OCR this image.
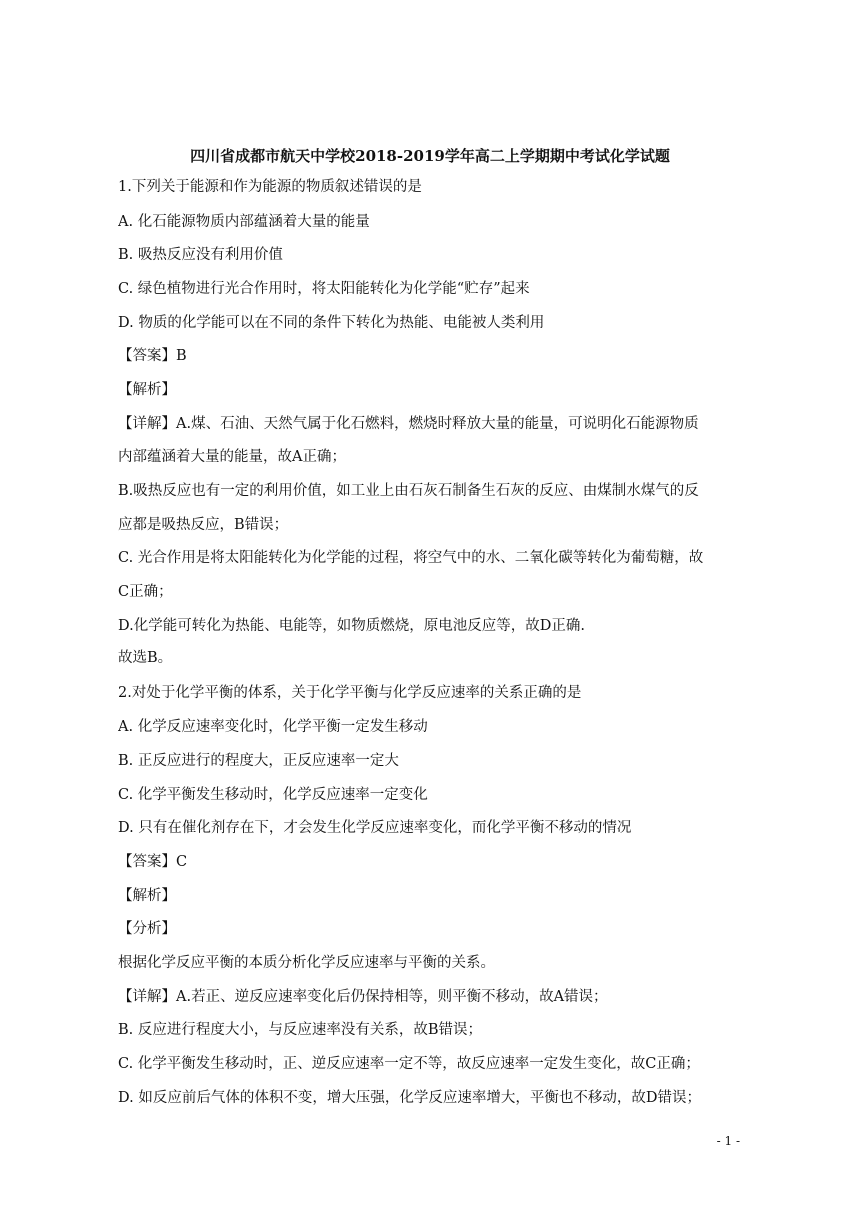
四川省成都市航天中学校2018-2019学年高二上学期期中考试化学试题
1.下列关于能源和作为能源的物质叙述错误的是
A. 化石能源物质内部蕴涵着大量的能量
B. 吸热反应没有利用价值
C. 绿色植物进行光合作用时，将太阳能转化为化学能“贮存”起来
D. 物质的化学能可以在不同的条件下转化为热能、电能被人类利用
【答案】B
【解析】
【详解】A.煤、石油、天然气属于化石燃料，燃烧时释放大量的能量，可说明化石能源物质
内部蕴涵着大量的能量，故A正确；
B.吸热反应也有一定的利用价值，如工业上由石灰石制备生石灰的反应、由煤制水煤气的反
应都是吸热反应，B错误；
C. 光合作用是将太阳能转化为化学能的过程，将空气中的水、二氧化碳等转化为葡萄糖，故
C正确；
D.化学能可转化为热能、电能等，如物质燃烧，原电池反应等，故D正确.
故选B。
2.对处于化学平衡的体系，关于化学平衡与化学反应速率的关系正确的是
A. 化学反应速率变化时，化学平衡一定发生移动
B. 正反应进行的程度大，正反应速率一定大
C. 化学平衡发生移动时，化学反应速率一定变化
D. 只有在催化剂存在下，才会发生化学反应速率变化，而化学平衡不移动的情况
【答案】C
【解析】
【分析】
根据化学反应平衡的本质分析化学反应速率与平衡的关系。
【详解】A.若正、逆反应速率变化后仍保持相等，则平衡不移动，故A错误；
B. 反应进行程度大小，与反应速率没有关系，故B错误；
C. 化学平衡发生移动时，正、逆反应速率一定不等，故反应速率一定发生变化，故C正确；
D. 如反应前后气体的体积不变，增大压强，化学反应速率增大，平衡也不移动，故D错误；
- 1 -
